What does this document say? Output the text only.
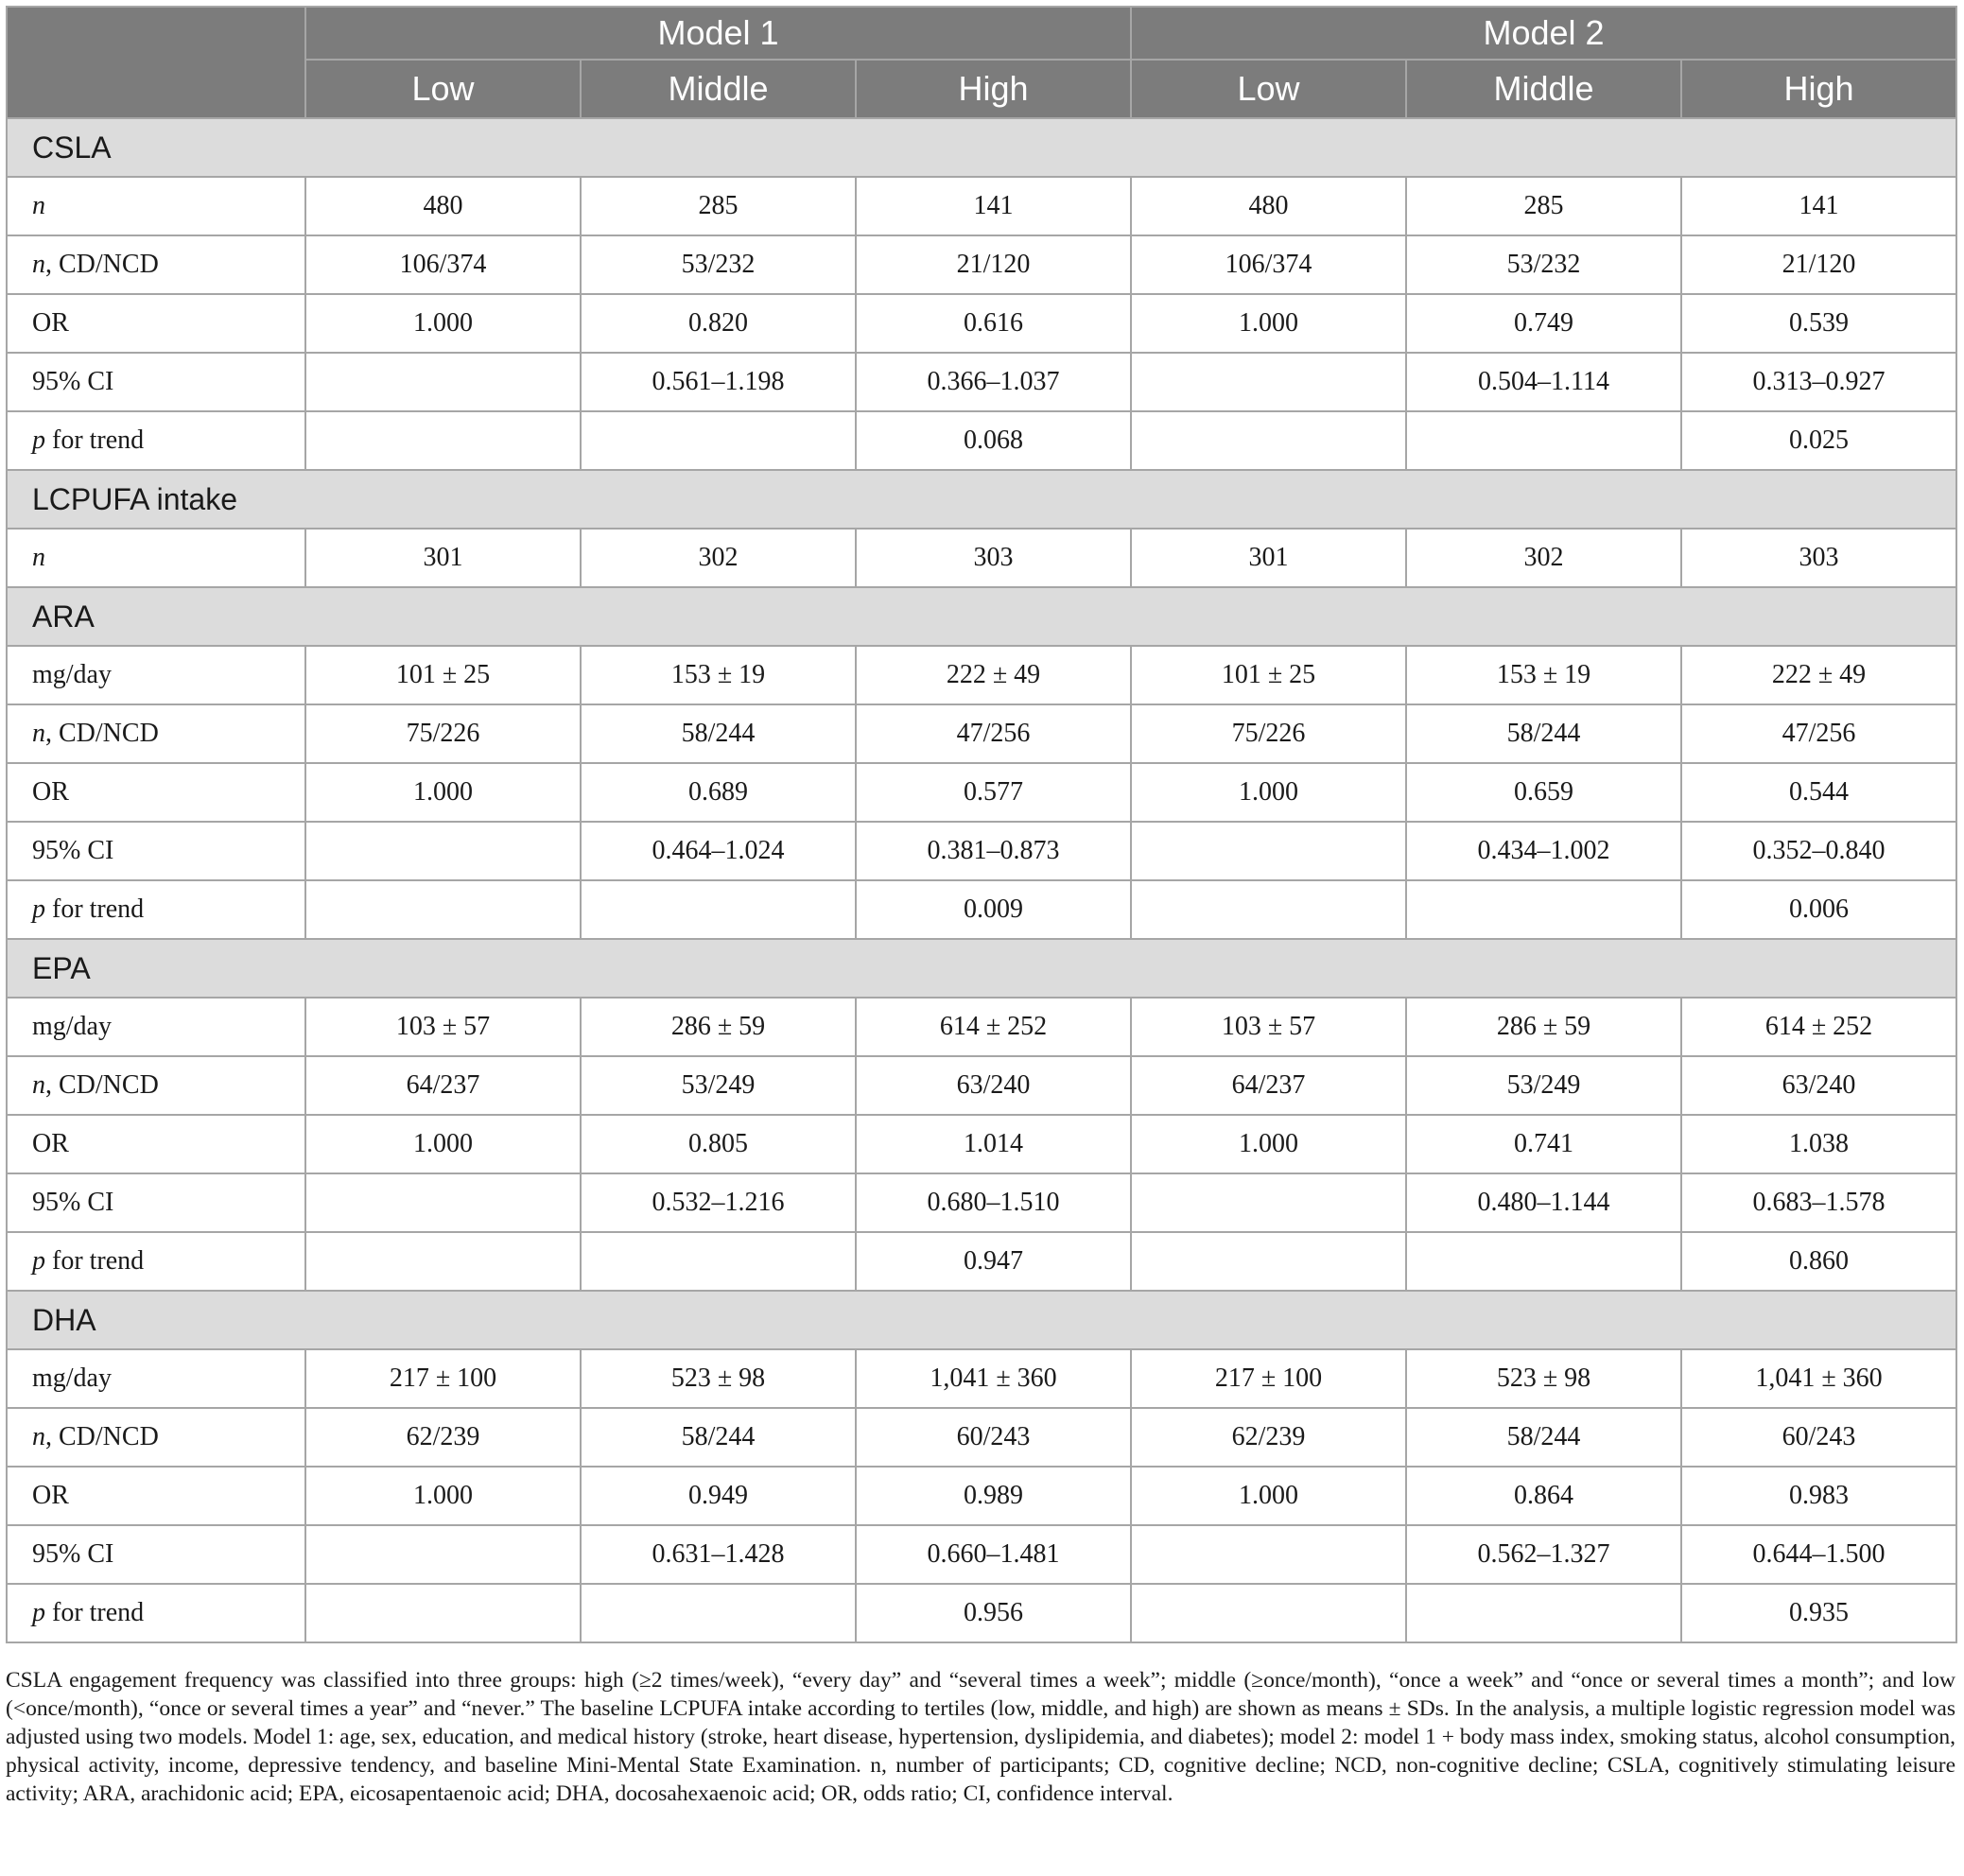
	Model 1			Model 2		
	Low	Middle	High	Low	Middle	High
CSLA						
n	480	285	141	480	285	141
n, CD/NCD	106/374	53/232	21/120	106/374	53/232	21/120
OR	1.000	0.820	0.616	1.000	0.749	0.539
95% CI		0.561–1.198	0.366–1.037		0.504–1.114	0.313–0.927
p for trend			0.068			0.025
LCPUFA intake						
n	301	302	303	301	302	303
ARA						
mg/day	101 ± 25	153 ± 19	222 ± 49	101 ± 25	153 ± 19	222 ± 49
n, CD/NCD	75/226	58/244	47/256	75/226	58/244	47/256
OR	1.000	0.689	0.577	1.000	0.659	0.544
95% CI		0.464–1.024	0.381–0.873		0.434–1.002	0.352–0.840
p for trend			0.009			0.006
EPA						
mg/day	103 ± 57	286 ± 59	614 ± 252	103 ± 57	286 ± 59	614 ± 252
n, CD/NCD	64/237	53/249	63/240	64/237	53/249	63/240
OR	1.000	0.805	1.014	1.000	0.741	1.038
95% CI		0.532–1.216	0.680–1.510		0.480–1.144	0.683–1.578
p for trend			0.947			0.860
DHA						
mg/day	217 ± 100	523 ± 98	1,041 ± 360	217 ± 100	523 ± 98	1,041 ± 360
n, CD/NCD	62/239	58/244	60/243	62/239	58/244	60/243
OR	1.000	0.949	0.989	1.000	0.864	0.983
95% CI		0.631–1.428	0.660–1.481		0.562–1.327	0.644–1.500
p for trend			0.956			0.935

CSLA engagement frequency was classified into three groups: high (≥2 times/week), “every day” and “several times a week”; middle (≥once/month), “once a week” and “once or several times a month”; and low (<once/month), “once or several times a year” and “never.” The baseline LCPUFA intake according to tertiles (low, middle, and high) are shown as means ± SDs. In the analysis, a multiple logistic regression model was adjusted using two models. Model 1: age, sex, education, and medical history (stroke, heart disease, hypertension, dyslipidemia, and diabetes); model 2: model 1 + body mass index, smoking status, alcohol consumption, physical activity, income, depressive tendency, and baseline Mini-Mental State Examination. n, number of participants; CD, cognitive decline; NCD, non-cognitive decline; CSLA, cognitively stimulating leisure activity; ARA, arachidonic acid; EPA, eicosapentaenoic acid; DHA, docosahexaenoic acid; OR, odds ratio; CI, confidence interval.
